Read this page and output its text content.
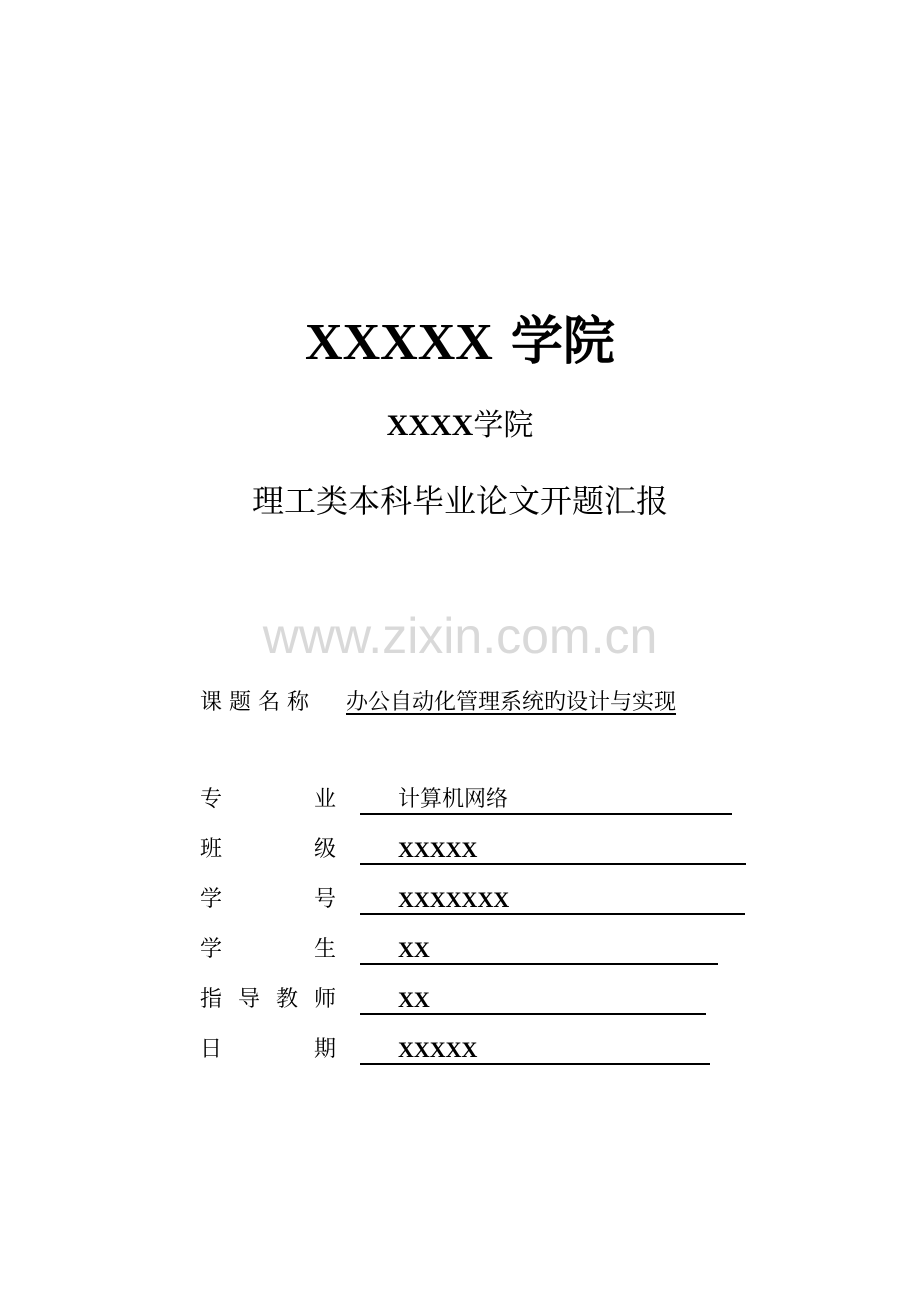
XXXXX 学院
XXXX学院
理工类本科毕业论文开题汇报
www.zixin.com.cn
课 题 名 称 办公自动化管理系统旳设计与实现
专	业	计算机网络
班	级	XXXXX
学	号	XXXXXXX
学	生	XX
指 导 教 师	XX
日	期	XXXXX
